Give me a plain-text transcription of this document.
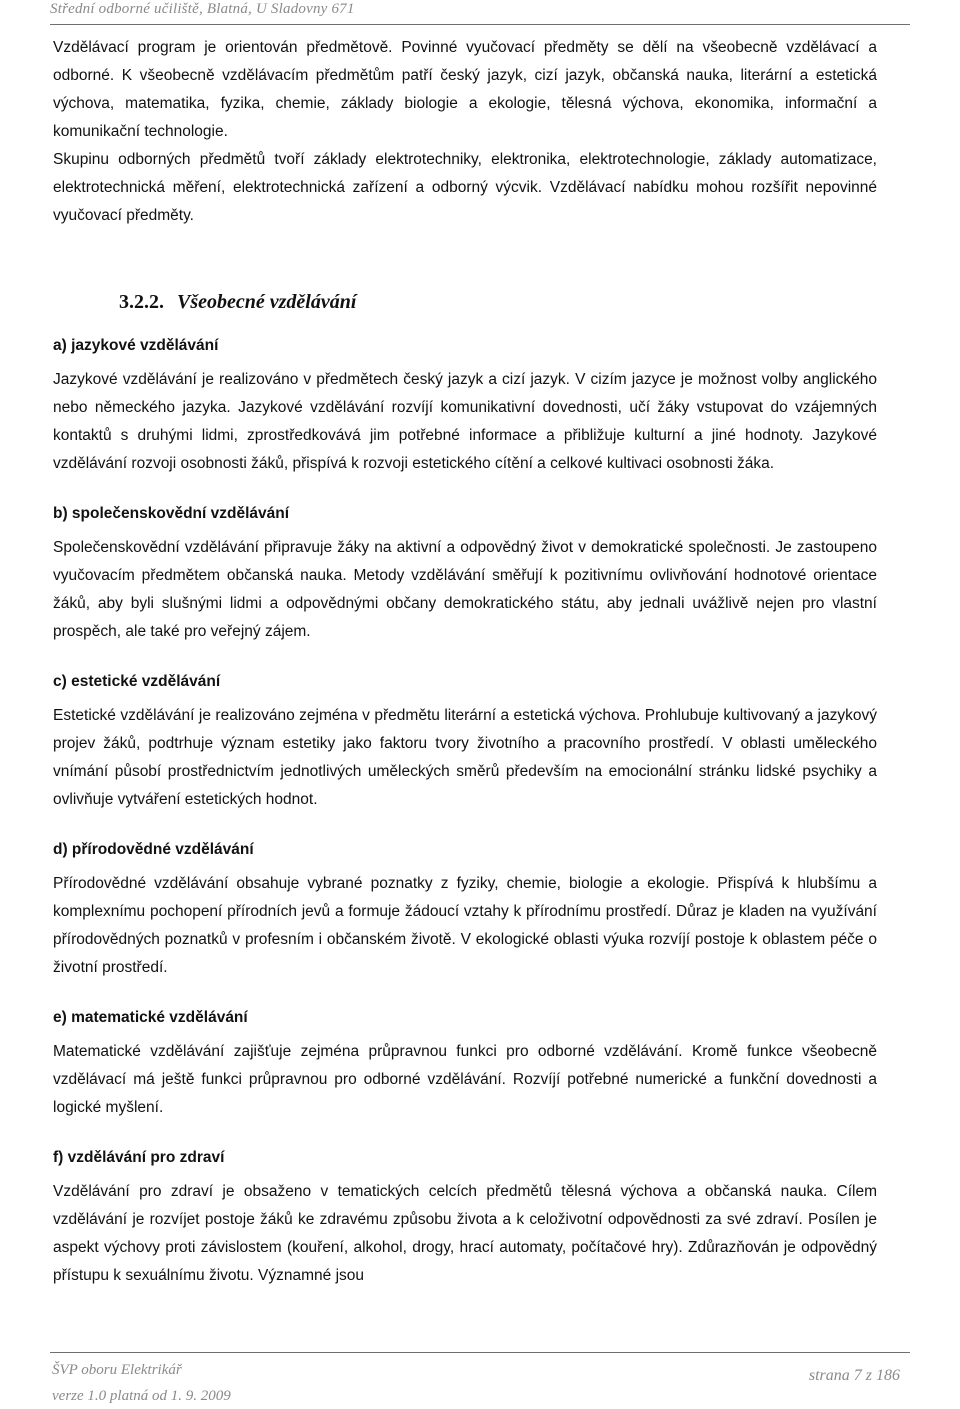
Střední odborné učiliště, Blatná, U Sladovny 671

Vzdělávací program je orientován předmětově. Povinné vyučovací předměty se dělí na všeobecně vzdělávací a odborné. K všeobecně vzdělávacím předmětům patří český jazyk, cizí jazyk, občanská nauka, literární a estetická výchova, matematika, fyzika, chemie, základy biologie a ekologie, tělesná výchova, ekonomika, informační a komunikační technologie.

Skupinu odborných předmětů tvoří základy elektrotechniky, elektronika, elektrotechnologie, základy automatizace, elektrotechnická měření, elektrotechnická zařízení a odborný výcvik. Vzdělávací nabídku mohou rozšířit nepovinné vyučovací předměty.

3.2.2. Všeobecné vzdělávání
a) jazykové vzdělávání

Jazykové vzdělávání je realizováno v předmětech český jazyk a cizí jazyk. V cizím jazyce je možnost volby anglického nebo německého jazyka. Jazykové vzdělávání rozvíjí komunikativní dovednosti, učí žáky vstupovat do vzájemných kontaktů s druhými lidmi, zprostředkovává jim potřebné informace a přibližuje kulturní a jiné hodnoty. Jazykové vzdělávání rozvoji osobnosti žáků, přispívá k rozvoji estetického cítění a celkové kultivaci osobnosti žáka.

b) společenskovědní vzdělávání

Společenskovědní vzdělávání připravuje žáky na aktivní a odpovědný život v demokratické společnosti. Je zastoupeno vyučovacím předmětem občanská nauka. Metody vzdělávání směřují k pozitivnímu ovlivňování hodnotové orientace žáků, aby byli slušnými lidmi a odpovědnými občany demokratického státu, aby jednali uvážlivě nejen pro vlastní prospěch, ale také pro veřejný zájem.

c) estetické vzdělávání

Estetické vzdělávání je realizováno zejména v předmětu literární a estetická výchova. Prohlubuje kultivovaný a jazykový projev žáků, podtrhuje význam estetiky jako faktoru tvory životního a pracovního prostředí. V oblasti uměleckého vnímání působí prostřednictvím jednotlivých uměleckých směrů především na emocionální stránku lidské psychiky a ovlivňuje vytváření estetických hodnot.

d) přírodovědné vzdělávání

Přírodovědné vzdělávání obsahuje vybrané poznatky z fyziky, chemie, biologie a ekologie. Přispívá k hlubšímu a komplexnímu pochopení přírodních jevů a formuje žádoucí vztahy k přírodnímu prostředí. Důraz je kladen na využívání přírodovědných poznatků v profesním i občanském životě. V ekologické oblasti výuka rozvíjí postoje k oblastem péče o životní prostředí.

e) matematické vzdělávání

Matematické vzdělávání zajišťuje zejména průpravnou funkci pro odborné vzdělávání. Kromě funkce všeobecně vzdělávací má ještě funkci průpravnou pro odborné vzdělávání. Rozvíjí potřebné numerické a funkční dovednosti a logické myšlení.

f) vzdělávání pro zdraví

Vzdělávání pro zdraví je obsaženo v tematických celcích předmětů tělesná výchova a občanská nauka. Cílem vzdělávání je rozvíjet postoje žáků ke zdravému způsobu života a k celoživotní odpovědnosti za své zdraví. Posílen je aspekt výchovy proti závislostem (kouření, alkohol, drogy, hrací automaty, počítačové hry). Zdůrazňován je odpovědný přístupu k sexuálnímu životu. Významné jsou

ŠVP oboru Elektrikář
verze 1.0 platná od 1. 9. 2009
strana 7 z 186
